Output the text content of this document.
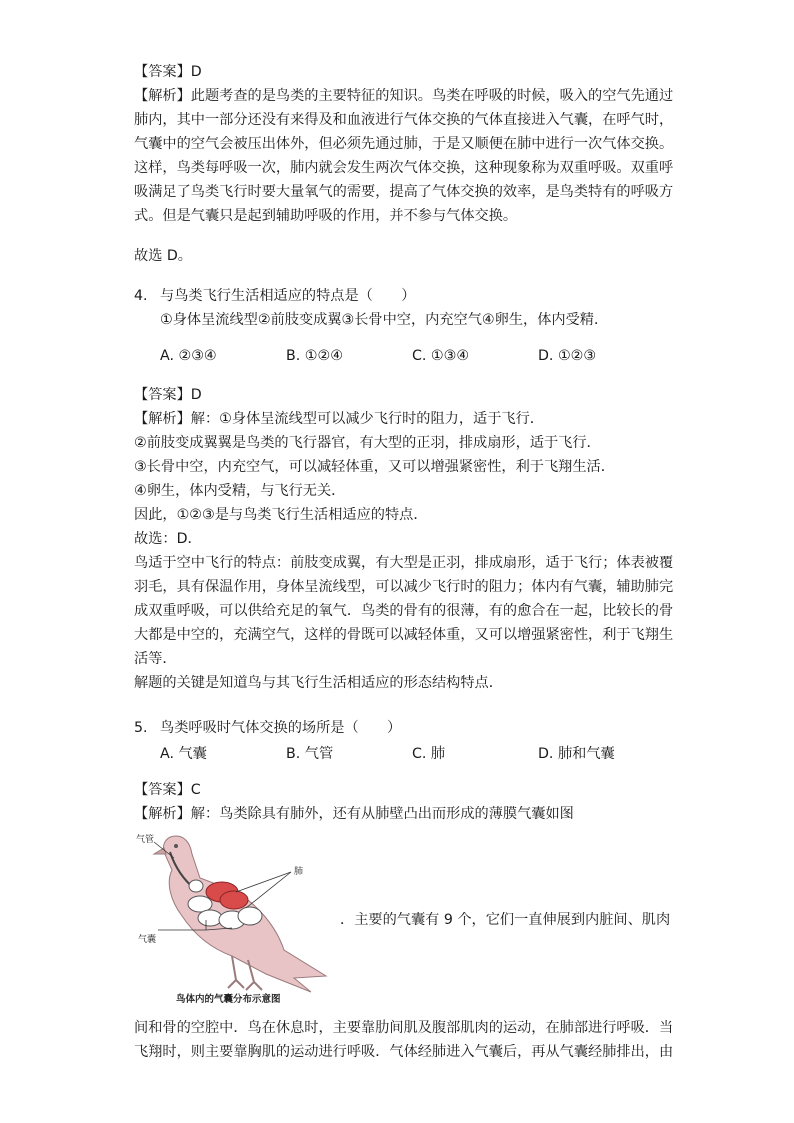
【答案】D
【解析】此题考查的是鸟类的主要特征的知识。鸟类在呼吸的时候，吸入的空气先通过
肺内，其中一部分还没有来得及和血液进行气体交换的气体直接进入气囊，在呼气时，
气囊中的空气会被压出体外，但必须先通过肺，于是又顺便在肺中进行一次气体交换。
这样，鸟类每呼吸一次，肺内就会发生两次气体交换，这种现象称为双重呼吸。双重呼
吸满足了鸟类飞行时要大量氧气的需要，提高了气体交换的效率，是鸟类特有的呼吸方
式。但是气囊只是起到辅助呼吸的作用，并不参与气体交换。
故选 D。
4. 与鸟类飞行生活相适应的特点是（　　）
①身体呈流线型②前肢变成翼③长骨中空，内充空气④卵生，体内受精．
A. ②③④	B. ①②④	C. ①③④	D. ①②③
【答案】D
【解析】解：①身体呈流线型可以减少飞行时的阻力，适于飞行．
②前肢变成翼翼是鸟类的飞行器官，有大型的正羽，排成扇形，适于飞行．
③长骨中空，内充空气，可以减轻体重，又可以增强紧密性，利于飞翔生活．
④卵生，体内受精，与飞行无关．
因此，①②③是与鸟类飞行生活相适应的特点．
故选：D．
鸟适于空中飞行的特点：前肢变成翼，有大型是正羽，排成扇形，适于飞行；体表被覆
羽毛，具有保温作用，身体呈流线型，可以减少飞行时的阻力；体内有气囊，辅助肺完
成双重呼吸，可以供给充足的氧气．鸟类的骨有的很薄，有的愈合在一起，比较长的骨
大都是中空的，充满空气，这样的骨既可以减轻体重，又可以增强紧密性，利于飞翔生
活等．
解题的关键是知道鸟与其飞行生活相适应的形态结构特点．
5. 鸟类呼吸时气体交换的场所是（　　）
A. 气囊	B. 气管	C. 肺	D. 肺和气囊
【答案】C
【解析】解：鸟类除具有肺外，还有从肺壁凸出而形成的薄膜气囊如图
气管
肺
气囊
鸟体内的气囊分布示意图
．主要的气囊有 9 个，它们一直伸展到内脏间、肌肉
间和骨的空腔中．鸟在休息时，主要靠肋间肌及腹部肌肉的运动，在肺部进行呼吸．当
飞翔时，则主要靠胸肌的运动进行呼吸．气体经肺进入气囊后，再从气囊经肺排出，由
